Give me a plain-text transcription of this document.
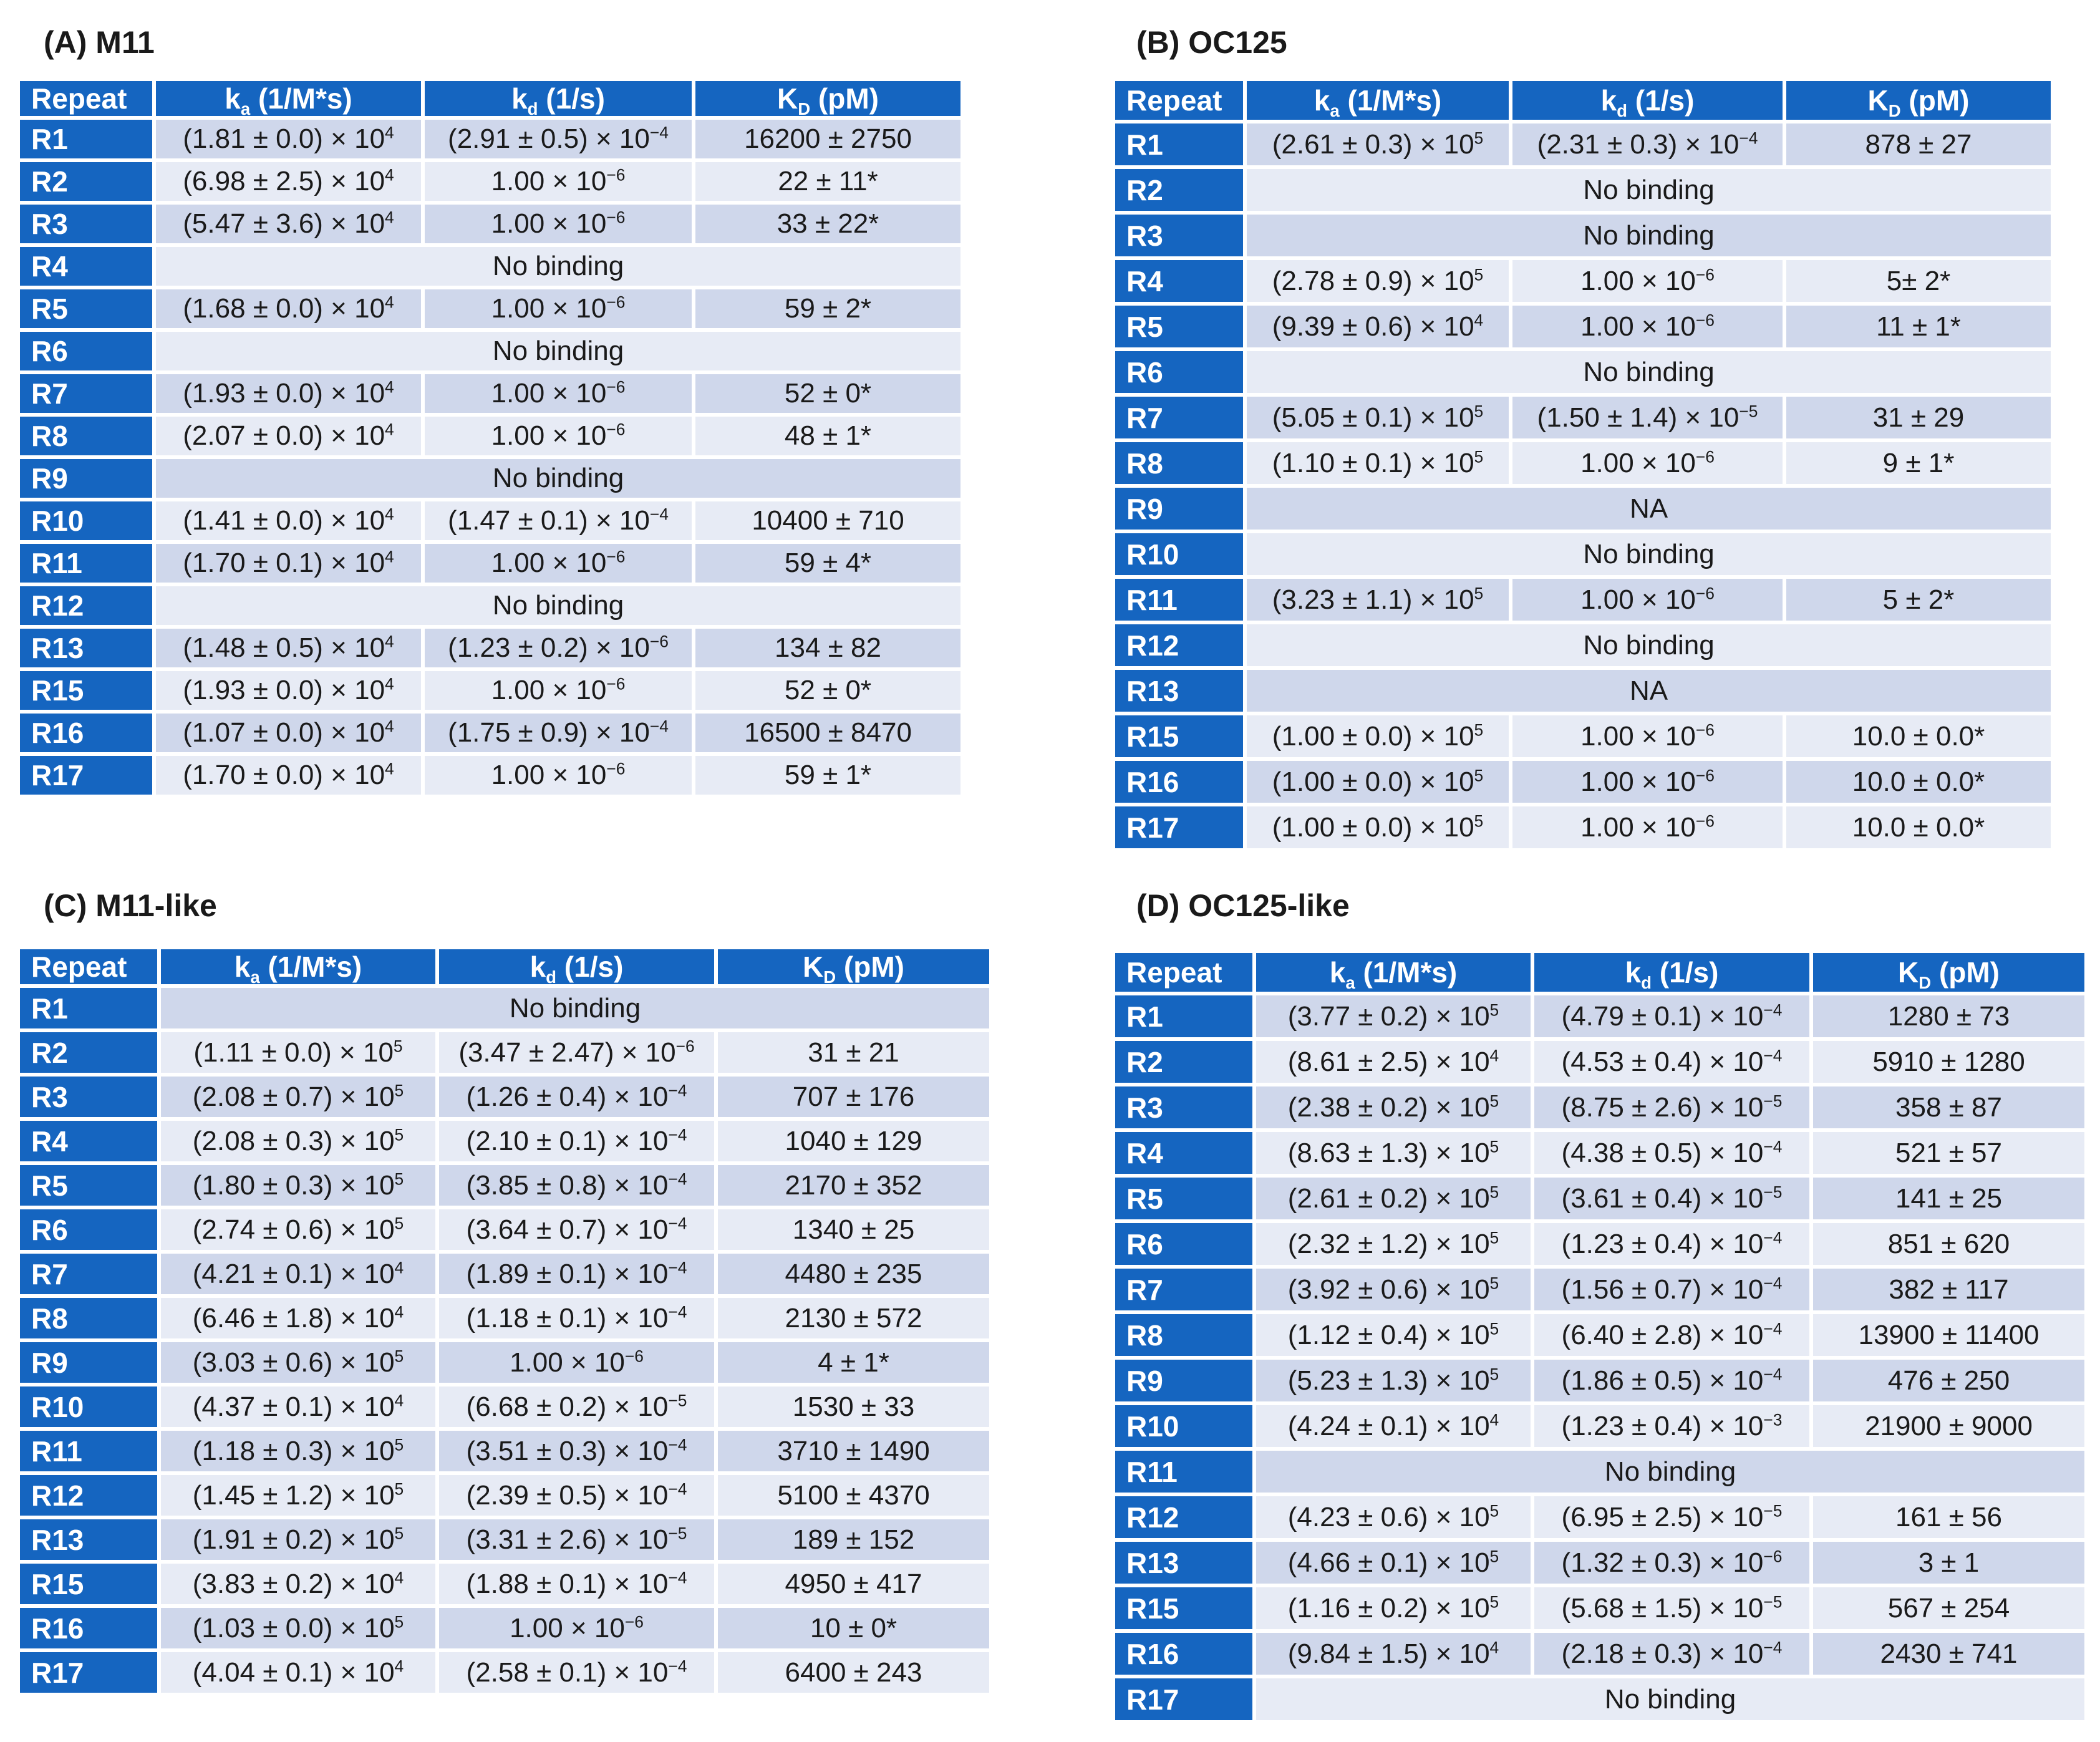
(A) M11
Repeat	$k_a$ (1/M*s)	$k_d$ (1/s)	$K_D$ (pM)
R1	$(1.81 \pm 0.0) \times 10^4$	$(2.91 \pm 0.5) \times 10^{-4}$	16200 ± 2750
R2	$(6.98 \pm 2.5) \times 10^4$	$1.00 \times 10^{-6}$	22 ± 11*
R3	$(5.47 \pm 3.6) \times 10^4$	$1.00 \times 10^{-6}$	33 ± 22*
R4	No binding		
R5	$(1.68 \pm 0.0) \times 10^4$	$1.00 \times 10^{-6}$	59 ± 2*
R6	No binding		
R7	$(1.93 \pm 0.0) \times 10^4$	$1.00 \times 10^{-6}$	52 ± 0*
R8	$(2.07 \pm 0.0) \times 10^4$	$1.00 \times 10^{-6}$	48 ± 1*
R9	No binding		
R10	$(1.41 \pm 0.0) \times 10^4$	$(1.47 \pm 0.1) \times 10^{-4}$	10400 ± 710
R11	$(1.70 \pm 0.1) \times 10^4$	$1.00 \times 10^{-6}$	59 ± 4*
R12	No binding		
R13	$(1.48 \pm 0.5) \times 10^4$	$(1.23 \pm 0.2) \times 10^{-6}$	134 ± 82
R15	$(1.93 \pm 0.0) \times 10^4$	$1.00 \times 10^{-6}$	52 ± 0*
R16	$(1.07 \pm 0.0) \times 10^4$	$(1.75 \pm 0.9) \times 10^{-4}$	16500 ± 8470
R17	$(1.70 \pm 0.0) \times 10^4$	$1.00 \times 10^{-6}$	59 ± 1*
(B) OC125
Repeat	$k_a$ (1/M*s)	$k_d$ (1/s)	$K_D$ (pM)
R1	$(2.61 \pm 0.3) \times 10^5$	$(2.31 \pm 0.3) \times 10^{-4}$	878 ± 27
R2	No binding		
R3	No binding		
R4	$(2.78 \pm 0.9) \times 10^5$	$1.00 \times 10^{-6}$	5± 2*
R5	$(9.39 \pm 0.6) \times 10^4$	$1.00 \times 10^{-6}$	11 ± 1*
R6	No binding		
R7	$(5.05 \pm 0.1) \times 10^5$	$(1.50 \pm 1.4) \times 10^{-5}$	31 ± 29
R8	$(1.10 \pm 0.1) \times 10^5$	$1.00 \times 10^{-6}$	9 ± 1*
R9	NA		
R10	No binding		
R11	$(3.23 \pm 1.1) \times 10^5$	$1.00 \times 10^{-6}$	5 ± 2*
R12	No binding		
R13	NA		
R15	$(1.00 \pm 0.0) \times 10^5$	$1.00 \times 10^{-6}$	10.0 ± 0.0*
R16	$(1.00 \pm 0.0) \times 10^5$	$1.00 \times 10^{-6}$	10.0 ± 0.0*
R17	$(1.00 \pm 0.0) \times 10^5$	$1.00 \times 10^{-6}$	10.0 ± 0.0*
(C) M11-like
Repeat	$k_a$ (1/M*s)	$k_d$ (1/s)	$K_D$ (pM)
R1	No binding		
R2	$(1.11 \pm 0.0) \times 10^5$	$(3.47 \pm 2.47) \times 10^{-6}$	31 ± 21
R3	$(2.08 \pm 0.7) \times 10^5$	$(1.26 \pm 0.4) \times 10^{-4}$	707 ± 176
R4	$(2.08 \pm 0.3) \times 10^5$	$(2.10 \pm 0.1) \times 10^{-4}$	1040 ± 129
R5	$(1.80 \pm 0.3) \times 10^5$	$(3.85 \pm 0.8) \times 10^{-4}$	2170 ± 352
R6	$(2.74 \pm 0.6) \times 10^5$	$(3.64 \pm 0.7) \times 10^{-4}$	1340 ± 25
R7	$(4.21 \pm 0.1) \times 10^4$	$(1.89 \pm 0.1) \times 10^{-4}$	4480 ± 235
R8	$(6.46 \pm 1.8) \times 10^4$	$(1.18 \pm 0.1) \times 10^{-4}$	2130 ± 572
R9	$(3.03 \pm 0.6) \times 10^5$	$1.00 \times 10^{-6}$	4 ± 1*
R10	$(4.37 \pm 0.1) \times 10^4$	$(6.68 \pm 0.2) \times 10^{-5}$	1530 ± 33
R11	$(1.18 \pm 0.3) \times 10^5$	$(3.51 \pm 0.3) \times 10^{-4}$	3710 ± 1490
R12	$(1.45 \pm 1.2) \times 10^5$	$(2.39 \pm 0.5) \times 10^{-4}$	5100 ± 4370
R13	$(1.91 \pm 0.2) \times 10^5$	$(3.31 \pm 2.6) \times 10^{-5}$	189 ± 152
R15	$(3.83 \pm 0.2) \times 10^4$	$(1.88 \pm 0.1) \times 10^{-4}$	4950 ± 417
R16	$(1.03 \pm 0.0) \times 10^5$	$1.00 \times 10^{-6}$	10 ± 0*
R17	$(4.04 \pm 0.1) \times 10^4$	$(2.58 \pm 0.1) \times 10^{-4}$	6400 ± 243
(D) OC125-like
Repeat	$k_a$ (1/M*s)	$k_d$ (1/s)	$K_D$ (pM)
R1	$(3.77 \pm 0.2) \times 10^5$	$(4.79 \pm 0.1) \times 10^{-4}$	1280 ± 73
R2	$(8.61 \pm 2.5) \times 10^4$	$(4.53 \pm 0.4) \times 10^{-4}$	5910 ± 1280
R3	$(2.38 \pm 0.2) \times 10^5$	$(8.75 \pm 2.6) \times 10^{-5}$	358 ± 87
R4	$(8.63 \pm 1.3) \times 10^5$	$(4.38 \pm 0.5) \times 10^{-4}$	521 ± 57
R5	$(2.61 \pm 0.2) \times 10^5$	$(3.61 \pm 0.4) \times 10^{-5}$	141 ± 25
R6	$(2.32 \pm 1.2) \times 10^5$	$(1.23 \pm 0.4) \times 10^{-4}$	851 ± 620
R7	$(3.92 \pm 0.6) \times 10^5$	$(1.56 \pm 0.7) \times 10^{-4}$	382 ± 117
R8	$(1.12 \pm 0.4) \times 10^5$	$(6.40 \pm 2.8) \times 10^{-4}$	13900 ± 11400
R9	$(5.23 \pm 1.3) \times 10^5$	$(1.86 \pm 0.5) \times 10^{-4}$	476 ± 250
R10	$(4.24 \pm 0.1) \times 10^4$	$(1.23 \pm 0.4) \times 10^{-3}$	21900 ± 9000
R11	No binding		
R12	$(4.23 \pm 0.6) \times 10^5$	$(6.95 \pm 2.5) \times 10^{-5}$	161 ± 56
R13	$(4.66 \pm 0.1) \times 10^5$	$(1.32 \pm 0.3) \times 10^{-6}$	3 ± 1
R15	$(1.16 \pm 0.2) \times 10^5$	$(5.68 \pm 1.5) \times 10^{-5}$	567 ± 254
R16	$(9.84 \pm 1.5) \times 10^4$	$(2.18 \pm 0.3) \times 10^{-4}$	2430 ± 741
R17	No binding		
